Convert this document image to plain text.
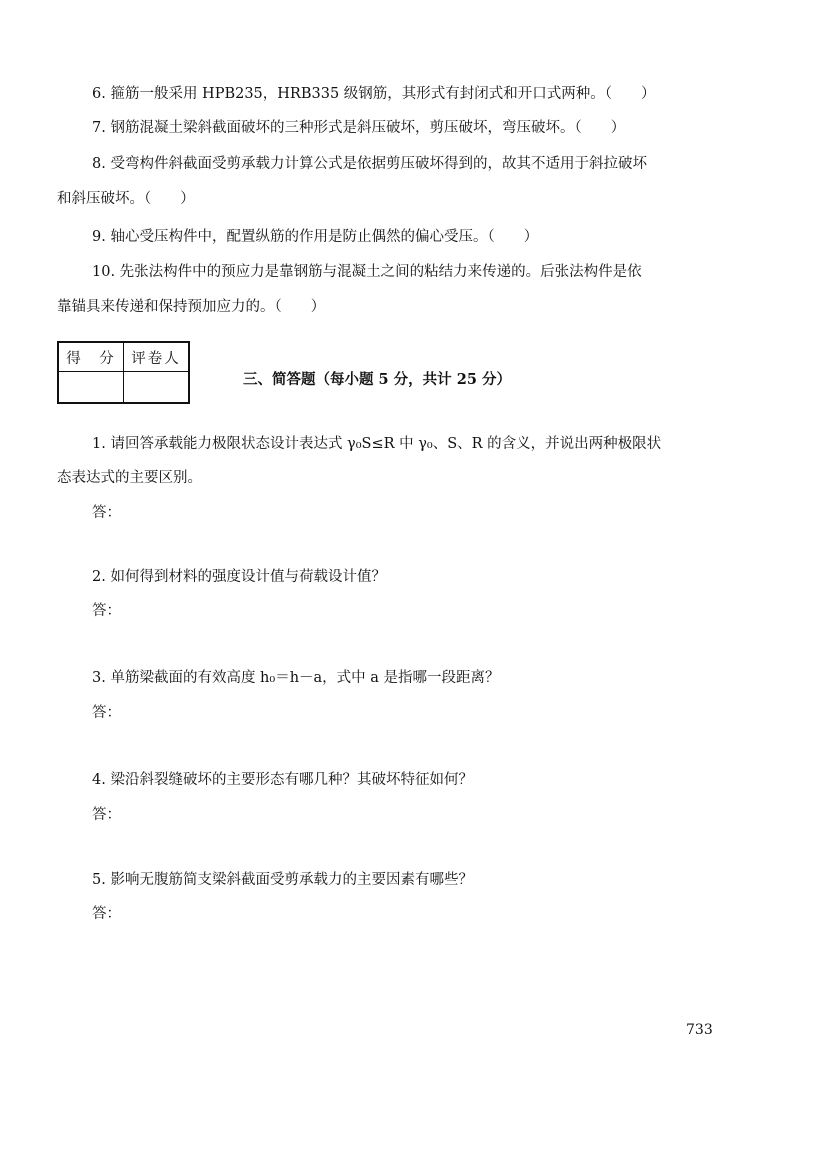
6. 箍筋一般采用 HPB235，HRB335 级钢筋，其形式有封闭式和开口式两种。（　　）
7. 钢筋混凝土梁斜截面破坏的三种形式是斜压破坏，剪压破坏，弯压破坏。（　　）
8. 受弯构件斜截面受剪承载力计算公式是依据剪压破坏得到的，故其不适用于斜拉破坏
和斜压破坏。（　　）
9. 轴心受压构件中，配置纵筋的作用是防止偶然的偏心受压。（　　）
10. 先张法构件中的预应力是靠钢筋与混凝土之间的粘结力来传递的。后张法构件是依
靠锚具来传递和保持预加应力的。（　　）
得　分	评卷人

三、简答题（每小题 5 分，共计 25 分）
1. 请回答承载能力极限状态设计表达式 γ₀S≤R 中 γ₀、S、R 的含义，并说出两种极限状
态表达式的主要区别。
答：
2. 如何得到材料的强度设计值与荷载设计值？
答：
3. 单筋梁截面的有效高度 h₀＝h－a，式中 a 是指哪一段距离？
答：
4. 梁沿斜裂缝破坏的主要形态有哪几种？其破坏特征如何？
答：
5. 影响无腹筋简支梁斜截面受剪承载力的主要因素有哪些？
答：
733
